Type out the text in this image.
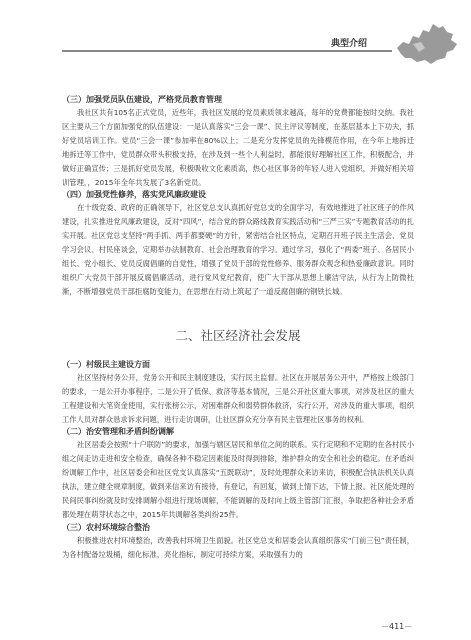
典型介绍
（三）加强党员队伍建设，严格党员教育管理

我社区共有105名正式党员，近些年，我社区发展的党员素质领求越高，每年的党费都能按时交纳。我社区主要从三个方面加强党的队伍建设：一是认真落实“三会一课”、民主评议等制度，在基层基本上下功夫，抓好党员培训工作。党员“三会一课”参加率在80%以上；二是充分发挥党员的先锋模范作用，在今年上地拆迁地拆迁等工作中，党员群众带头积极支持，在涉及到一些个人利益时，都能很好理解社区工作，积极配合，并做好正确宣传；三是抓好党员发展，积极吸收文化素质高，热心社区事务的年轻人进入党组织，并做好相关培训管理，，2015年全年共发展了3名新党员。

（四）加强党性修养，落实党风廉政建设

在十级党委、政府的正确领导下，社区党总支认真抓好党总支的全面学习，有效地推进了社区班子的作风建设，扎实推进党风廉政建设，反对“四风”，结合党的群众路线教育实践活动和“三严三实”专题教育活动的扎实开展。社区党总支坚持“两手抓、两手都要硬”的方针，紧密结合社区特点，定期召开班子民主生活会、党员学习会议、村民座谈会，定期举办法制教育、社会治理教育的学习。通过学习，强化了“两委”班子、各居民小组长、党小组长、党员反腐倡廉的自觉性，增强了党员干部的党性修养、服务群众观念和热爱廉政意识。同时组织广大党员干部开展反腐倡廉活动，进行党风党纪教育，使广大干部从思想上廉洁守法，从行为上防微杜渐，不断增强党员干部拒腐防变能力，在思想在行动上筑起了一道反腐倡廉的钢铁长城。

二、社区经济社会发展
（一）村级民主建设方面

社区坚持村务公开，党务公开和民主制度建设，实行民主监督。社区在开展居务公开中，严格按上级部门的要求，一是公开办事程序，二是公开了低保、救济等基本情况，三是公开社区重大事项，对涉及社区的重大工程建设和大笔资金使用，实行张榜公示，对困难群众和弱势群体救济，实行公开，对涉及的重大事项，组织工作人员对群众恳求诉求问题，进行走访调研，让社区群众充分享有民主管理社区事务的权利。

（二）治安管理和矛盾纠纷调解

社区居委会按照“十户联防”的要求，加强与辖区居民和单位之间的联系。实行定期和不定期的在各村民小组之间走访走进和安全检查，确保各种不稳定因素能及时得到排除，维护群众的安全和社会的稳定。在矛盾纠纷调解工作中，社区居委会和社区党支认真落实“五既联动”，及时处理群众来访来访，积极配合执法机关认真执法，建立健全规章制度，做到来信来访有接待，有登记，有回复，做到上情下达，下情上报。社区能处理的民间民事纠纷就及时安排调解小组进行现场调解，不能调解的及时向上级主管部门汇报，争取把各种社会矛盾都处理在萌芽状态之中，2015年共调解各类纠纷25件。

（三）农村环境综合整治

积极推进农村环境整治，改善我村环境卫生面貌。社区党总支和居委会认真组织落实“门前三包”责任制，为各村配备垃圾桶，细化标准，亮化指标，制定可持续方案，采取强有力的

－411－
